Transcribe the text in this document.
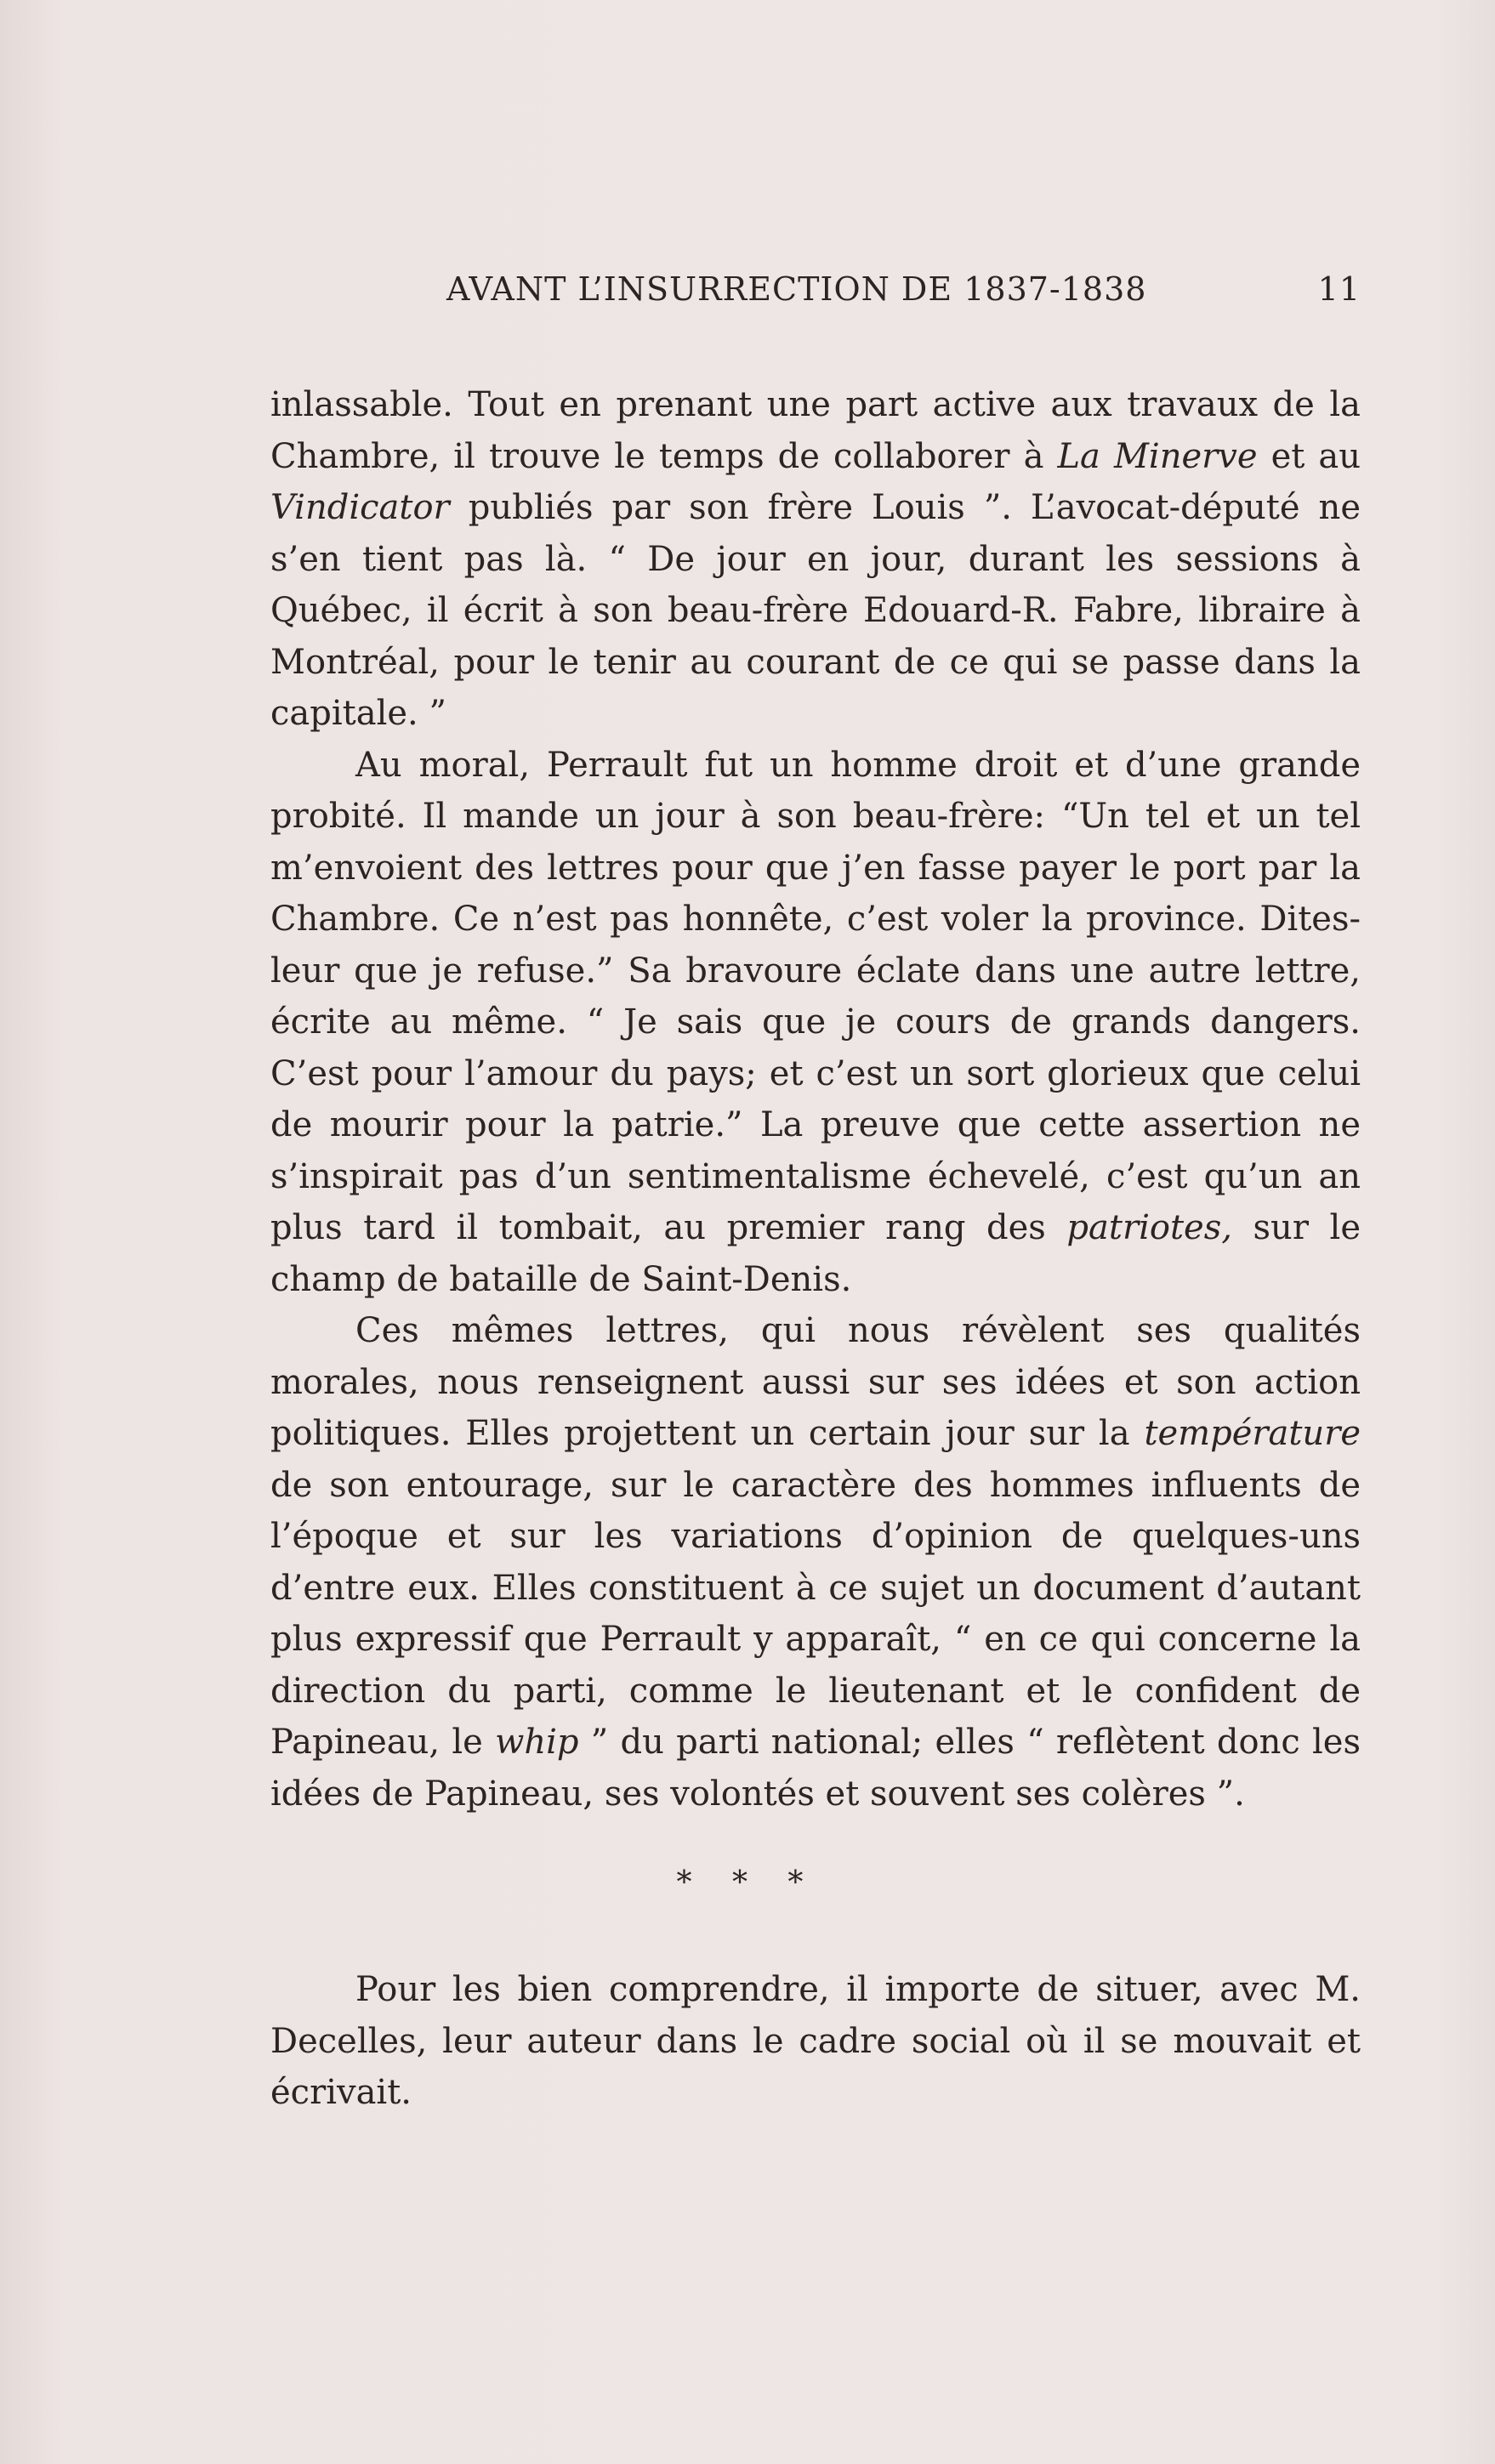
AVANT L’INSURRECTION DE 1837-1838	11

inlassable. Tout en prenant une part active aux travaux de la Chambre, il trouve le temps de collaborer à La Minerve et au Vindicator publiés par son frère Louis ”. L’avocat-député ne s’en tient pas là. “ De jour en jour, durant les sessions à Québec, il écrit à son beau-frère Edouard-R. Fabre, libraire à Montréal, pour le tenir au courant de ce qui se passe dans la capitale. ”

Au moral, Perrault fut un homme droit et d’une grande probité. Il mande un jour à son beau-frère: “Un tel et un tel m’envoient des lettres pour que j’en fasse payer le port par la Chambre. Ce n’est pas honnête, c’est voler la province. Dites-leur que je refuse.” Sa bravoure éclate dans une autre lettre, écrite au même. “ Je sais que je cours de grands dangers. C’est pour l’amour du pays; et c’est un sort glorieux que celui de mourir pour la patrie.” La preuve que cette assertion ne s’inspirait pas d’un sentimentalisme échevelé, c’est qu’un an plus tard il tombait, au premier rang des patriotes, sur le champ de bataille de Saint-Denis.

Ces mêmes lettres, qui nous révèlent ses qualités morales, nous renseignent aussi sur ses idées et son action politiques. Elles projettent un certain jour sur la température de son entourage, sur le caractère des hommes influents de l’époque et sur les variations d’opinion de quelques-uns d’entre eux. Elles constituent à ce sujet un document d’autant plus expressif que Perrault y apparaît, “ en ce qui concerne la direction du parti, comme le lieutenant et le confident de Papineau, le whip ” du parti national; elles “ reflètent donc les idées de Papineau, ses volontés et souvent ses colères ”.

* * *

Pour les bien comprendre, il importe de situer, avec M. Decelles, leur auteur dans le cadre social où il se mouvait et écrivait.
